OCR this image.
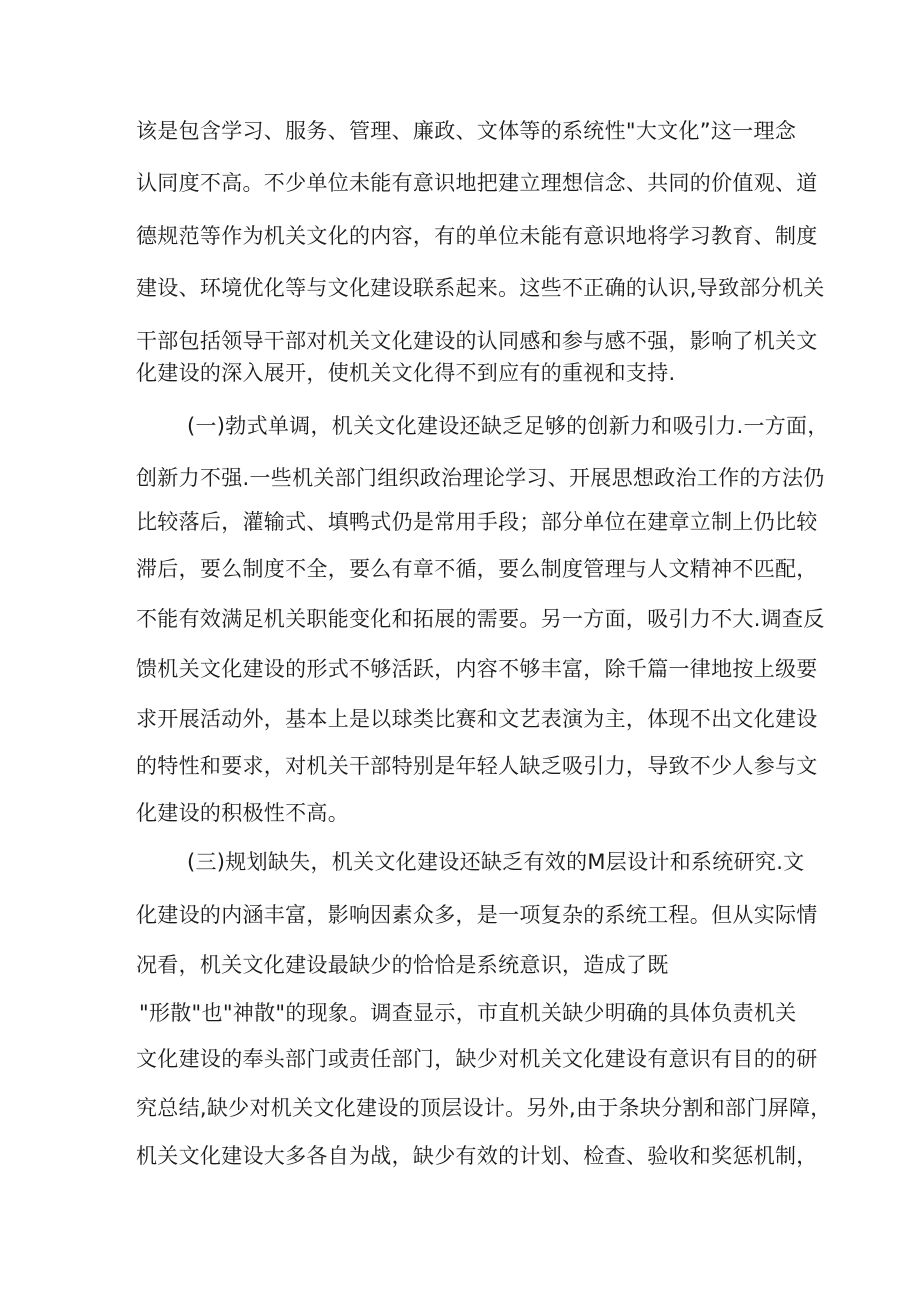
该是包含学习、服务、管理、廉政、文体等的系统性"大文化”这一理念
认同度不高。不少单位未能有意识地把建立理想信念、共同的价值观、道
德规范等作为机关文化的内容，有的单位未能有意识地将学习教育、制度
建设、环境优化等与文化建设联系起来。这些不正确的认识,导致部分机关
干部包括领导干部对机关文化建设的认同感和参与感不强，影响了机关文
化建设的深入展开，使机关文化得不到应有的重视和支持.
(一)勃式单调，机关文化建设还缺乏足够的创新力和吸引力.一方面，
创新力不强.一些机关部门组织政治理论学习、开展思想政治工作的方法仍
比较落后，灌输式、填鸭式仍是常用手段；部分单位在建章立制上仍比较
滞后，要么制度不全，要么有章不循，要么制度管理与人文精神不匹配，
不能有效满足机关职能变化和拓展的需要。另一方面，吸引力不大.调查反
馈机关文化建设的形式不够活跃，内容不够丰富，除千篇一律地按上级要
求开展活动外，基本上是以球类比赛和文艺表演为主，体现不出文化建设
的特性和要求，对机关干部特别是年轻人缺乏吸引力，导致不少人参与文
化建设的积极性不高。
(三)规划缺失，机关文化建设还缺乏有效的M层设计和系统研究.文
化建设的内涵丰富，影响因素众多，是一项复杂的系统工程。但从实际情
况看，机关文化建设最缺少的恰恰是系统意识，造成了既
"形散"也"神散"的现象。调查显示，市直机关缺少明确的具体负责机关
文化建设的奉头部门或责任部门，缺少对机关文化建设有意识有目的的研
究总结,缺少对机关文化建设的顶层设计。另外,由于条块分割和部门屏障，
机关文化建设大多各自为战，缺少有效的计划、检查、验收和奖惩机制，
